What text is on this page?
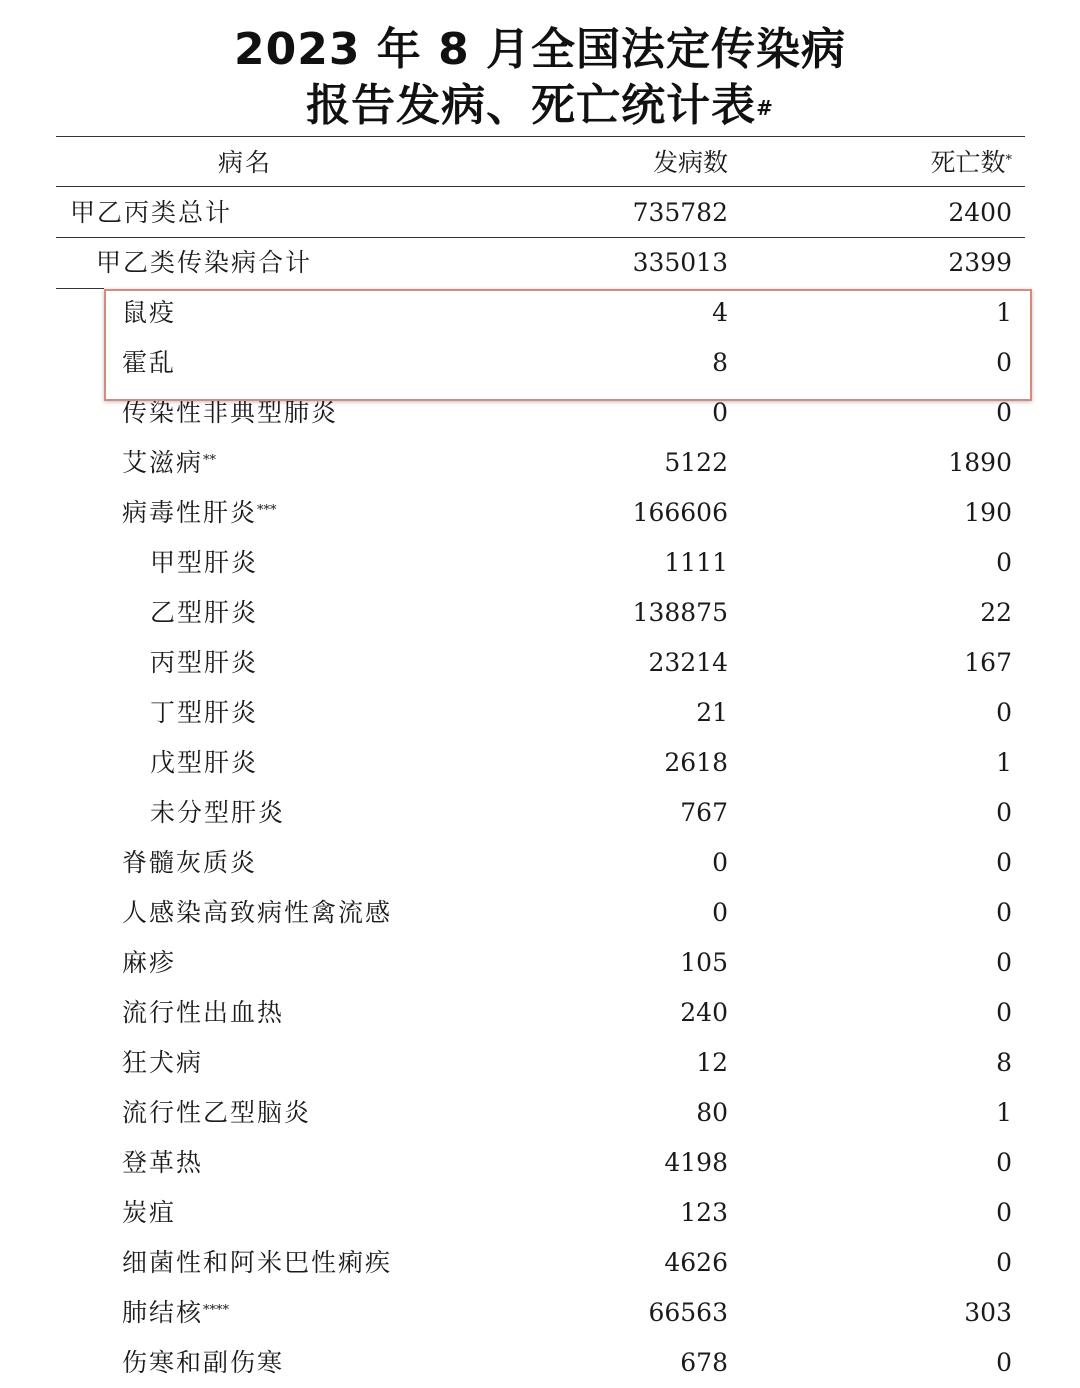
2023 年 8 月全国法定传染病
报告发病、死亡统计表#
病名	发病数	死亡数*
甲乙丙类总计	735782	2400
甲乙类传染病合计	335013	2399
鼠疫	4	1
霍乱	8	0
传染性非典型肺炎	0	0
艾滋病**	5122	1890
病毒性肝炎***	166606	190
甲型肝炎	1111	0
乙型肝炎	138875	22
丙型肝炎	23214	167
丁型肝炎	21	0
戊型肝炎	2618	1
未分型肝炎	767	0
脊髓灰质炎	0	0
人感染高致病性禽流感	0	0
麻疹	105	0
流行性出血热	240	0
狂犬病	12	8
流行性乙型脑炎	80	1
登革热	4198	0
炭疽	123	0
细菌性和阿米巴性痢疾	4626	0
肺结核****	66563	303
伤寒和副伤寒	678	0
